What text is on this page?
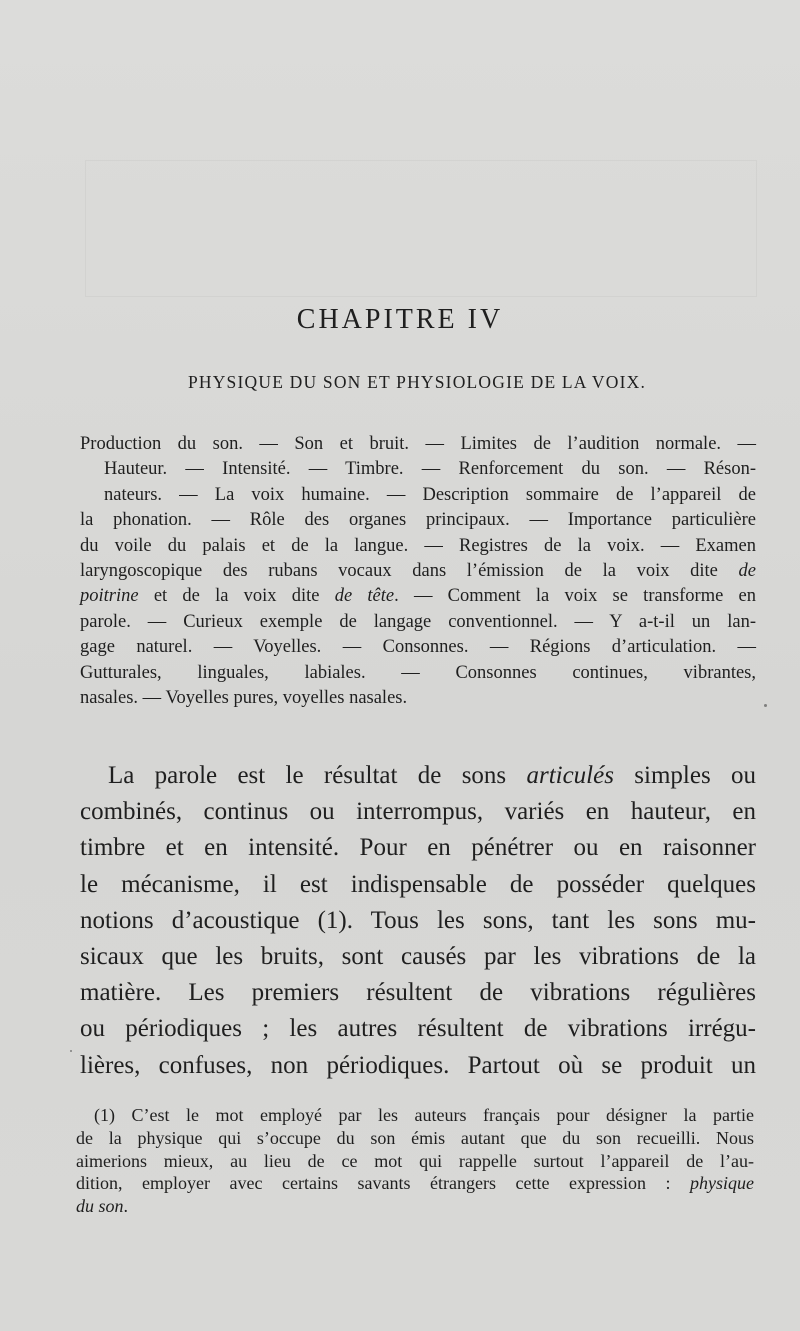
CHAPITRE IV
PHYSIQUE DU SON ET PHYSIOLOGIE DE LA VOIX.
Production du son. — Son et bruit. — Limites de l’audition normale. —
Hauteur. — Intensité. — Timbre. — Renforcement du son. — Réson-
nateurs. — La voix humaine. — Description sommaire de l’appareil de
la phonation. — Rôle des organes principaux. — Importance particulière
du voile du palais et de la langue. — Registres de la voix. — Examen
laryngoscopique des rubans vocaux dans l’émission de la voix dite de
poitrine et de la voix dite de tête. — Comment la voix se transforme en
parole. — Curieux exemple de langage conventionnel. — Y a-t-il un lan-
gage naturel. — Voyelles. — Consonnes. — Régions d’articulation. —
Gutturales, linguales, labiales. — Consonnes continues, vibrantes,
nasales. — Voyelles pures, voyelles nasales.
La parole est le résultat de sons articulés simples ou
combinés, continus ou interrompus, variés en hauteur, en
timbre et en intensité. Pour en pénétrer ou en raisonner
le mécanisme, il est indispensable de posséder quelques
notions d’acoustique (1). Tous les sons, tant les sons mu-
sicaux que les bruits, sont causés par les vibrations de la
matière. Les premiers résultent de vibrations régulières
ou périodiques ; les autres résultent de vibrations irrégu-
lières, confuses, non périodiques. Partout où se produit un
(1) C’est le mot employé par les auteurs français pour désigner la partie
de la physique qui s’occupe du son émis autant que du son recueilli. Nous
aimerions mieux, au lieu de ce mot qui rappelle surtout l’appareil de l’au-
dition, employer avec certains savants étrangers cette expression : physique
du son.
